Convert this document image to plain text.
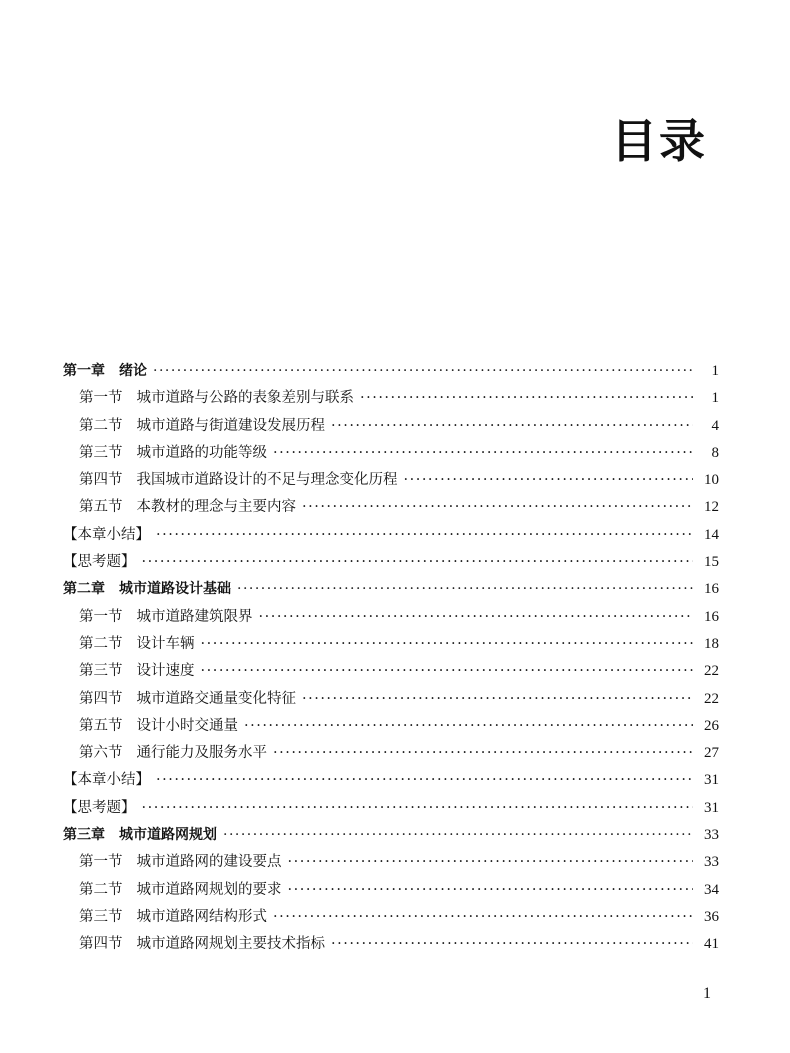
目录
第一章 绪论 ·····	1
第一节 城市道路与公路的表象差别与联系 ·····	1
第二节 城市道路与街道建设发展历程 ·····	4
第三节 城市道路的功能等级 ·····	8
第四节 我国城市道路设计的不足与理念变化历程 ·····	10
第五节 本教材的理念与主要内容 ·····	12
【本章小结】 ·····	14
【思考题】 ·····	15
第二章 城市道路设计基础 ·····	16
第一节 城市道路建筑限界 ·····	16
第二节 设计车辆 ·····	18
第三节 设计速度 ·····	22
第四节 城市道路交通量变化特征 ·····	22
第五节 设计小时交通量 ·····	26
第六节 通行能力及服务水平 ·····	27
【本章小结】 ·····	31
【思考题】 ·····	31
第三章 城市道路网规划 ·····	33
第一节 城市道路网的建设要点 ·····	33
第二节 城市道路网规划的要求 ·····	34
第三节 城市道路网结构形式 ·····	36
第四节 城市道路网规划主要技术指标 ·····	41
1
